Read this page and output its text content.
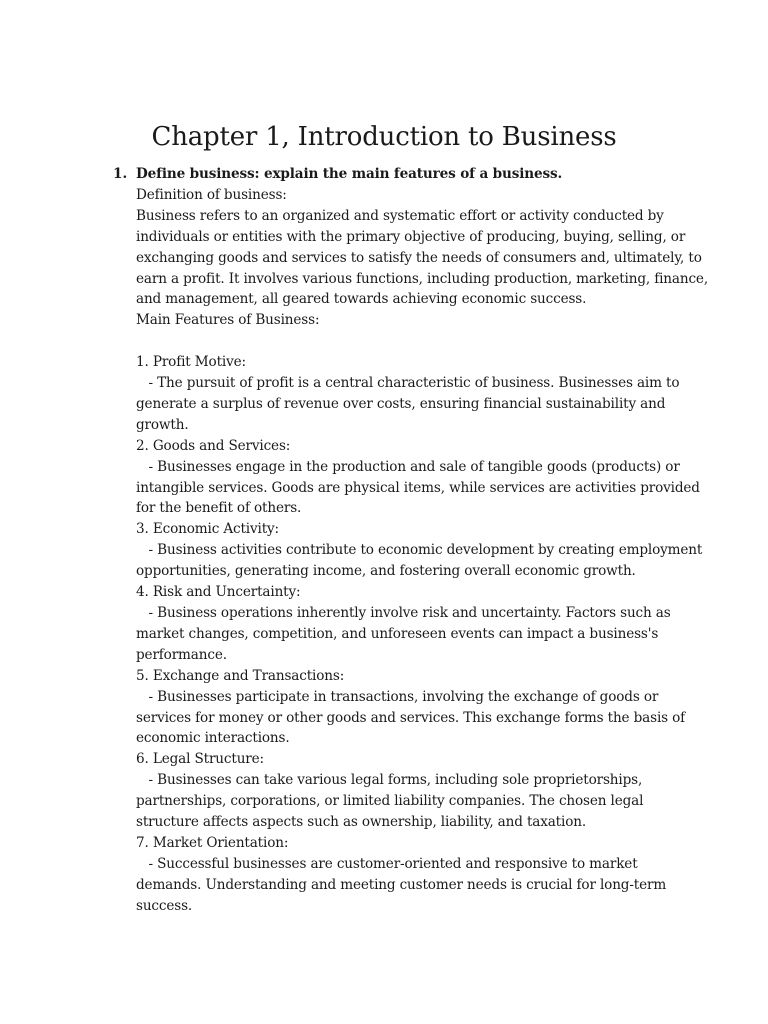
Chapter 1, Introduction to Business
1. Define business: explain the main features of a business.
Definition of business:
Business refers to an organized and systematic effort or activity conducted by
individuals or entities with the primary objective of producing, buying, selling, or
exchanging goods and services to satisfy the needs of consumers and, ultimately, to
earn a profit. It involves various functions, including production, marketing, finance,
and management, all geared towards achieving economic success.
Main Features of Business:
1. Profit Motive:
- The pursuit of profit is a central characteristic of business. Businesses aim to
generate a surplus of revenue over costs, ensuring financial sustainability and
growth.
2. Goods and Services:
- Businesses engage in the production and sale of tangible goods (products) or
intangible services. Goods are physical items, while services are activities provided
for the benefit of others.
3. Economic Activity:
- Business activities contribute to economic development by creating employment
opportunities, generating income, and fostering overall economic growth.
4. Risk and Uncertainty:
- Business operations inherently involve risk and uncertainty. Factors such as
market changes, competition, and unforeseen events can impact a business's
performance.
5. Exchange and Transactions:
- Businesses participate in transactions, involving the exchange of goods or
services for money or other goods and services. This exchange forms the basis of
economic interactions.
6. Legal Structure:
- Businesses can take various legal forms, including sole proprietorships,
partnerships, corporations, or limited liability companies. The chosen legal
structure affects aspects such as ownership, liability, and taxation.
7. Market Orientation:
- Successful businesses are customer-oriented and responsive to market
demands. Understanding and meeting customer needs is crucial for long-term
success.
